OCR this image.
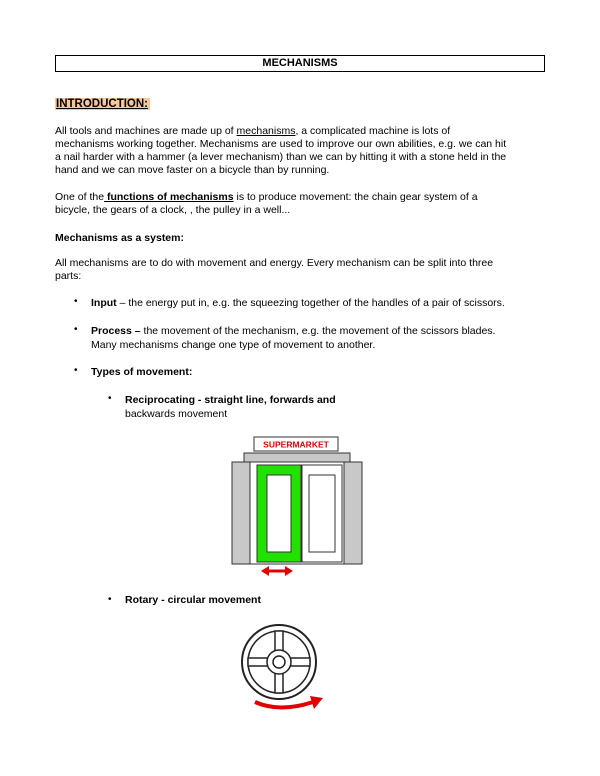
MECHANISMS
INTRODUCTION:
All tools and machines are made up of mechanisms, a complicated machine is lots of
mechanisms working together. Mechanisms are used to improve our own abilities, e.g. we can hit
a nail harder with a hammer (a lever mechanism) than we can by hitting it with a stone held in the
hand and we can move faster on a bicycle than by running.
One of the functions of mechanisms is to produce movement: the chain gear system of a
bicycle, the gears of a clock, , the pulley in a well...
Mechanisms as a system:
All mechanisms are to do with movement and energy. Every mechanism can be split into three
parts:
• Input – the energy put in, e.g. the squeezing together of the handles of a pair of scissors.
• Process – the movement of the mechanism, e.g. the movement of the scissors blades.
Many mechanisms change one type of movement to another.
• Types of movement:
• Reciprocating - straight line, forwards and
backwards movement
SUPERMARKET
• Rotary - circular movement
